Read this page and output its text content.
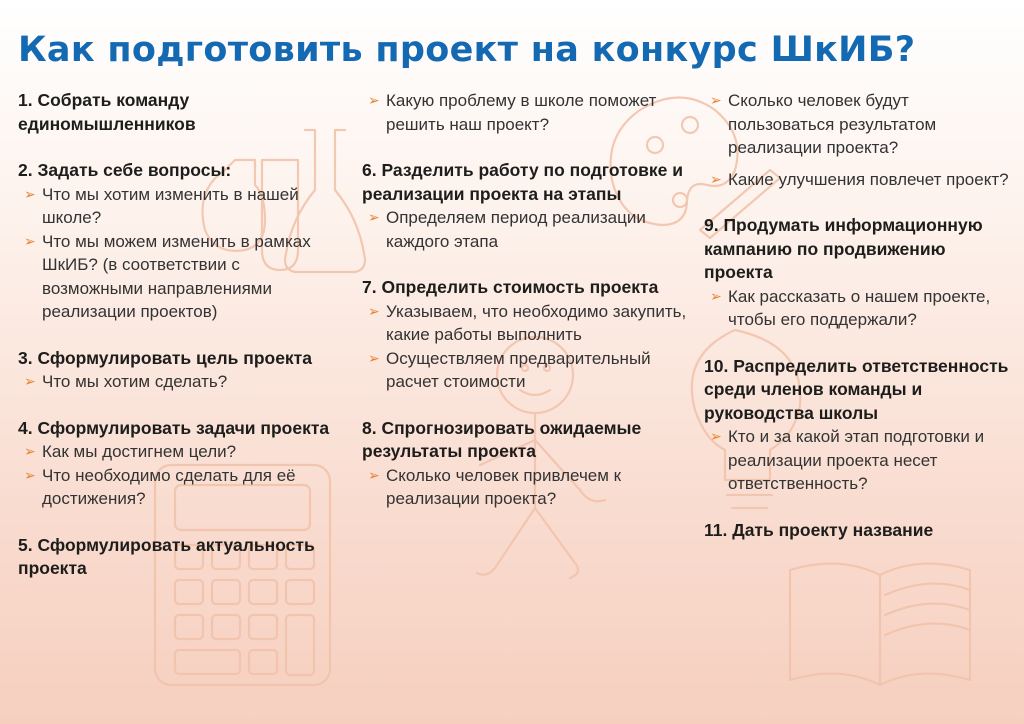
Как подготовить проект на конкурс ШкИБ?

1. Собрать команду единомышленников

2. Задать себе вопросы:

➢ Что мы хотим изменить в нашей школе?
➢ Что мы можем изменить в рамках ШкИБ? (в соответствии с возможными направлениями реализации проектов)

3. Сформулировать цель проекта

➢ Что мы хотим сделать?

4. Сформулировать задачи проекта

➢ Как мы достигнем цели?
➢ Что необходимо сделать для её достижения?

5. Сформулировать актуальность проекта

➢ Какую проблему в школе поможет решить наш проект?

6. Разделить работу по подготовке и реализации проекта на этапы

➢ Определяем период реализации каждого этапа

7. Определить стоимость проекта

➢ Указываем, что необходимо закупить, какие работы выполнить
➢ Осуществляем предварительный расчет стоимости

8. Спрогнозировать ожидаемые результаты проекта

➢ Сколько человек привлечем к реализации проекта?
➢ Сколько человек будут пользоваться результатом реализации проекта?
➢ Какие улучшения повлечет проект?

9. Продумать информационную кампанию по продвижению проекта

➢ Как рассказать о нашем проекте, чтобы его поддержали?

10. Распределить ответственность среди членов команды и руководства школы

➢ Кто и за какой этап подготовки и реализации проекта несет ответственность?

11. Дать проекту название
